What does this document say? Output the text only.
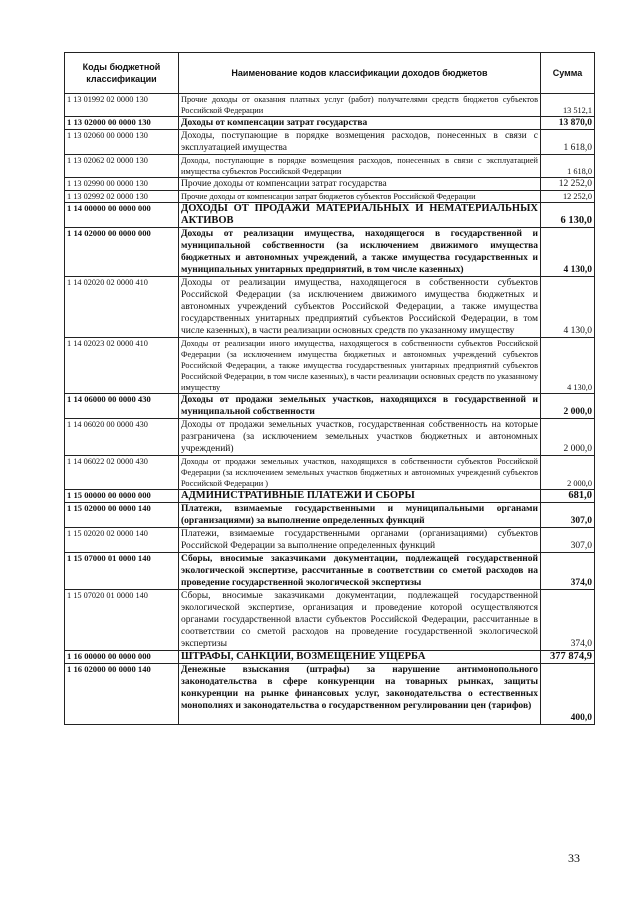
Коды бюджетной классификации	Наименование кодов классификации доходов бюджетов	Сумма
1 13 01992 02 0000 130	Прочие доходы от оказания платных услуг (работ) получателями средств бюджетов субъектов Российской Федерации	13 512,1
1 13 02000 00 0000 130	Доходы от компенсации затрат государства	13 870,0
1 13 02060 00 0000 130	Доходы, поступающие в порядке возмещения расходов, понесенных в связи с эксплуатацией имущества	1 618,0
1 13 02062 02 0000 130	Доходы, поступающие в порядке возмещения расходов, понесенных в связи с эксплуатацией имущества субъектов Российской Федерации	1 618,0
1 13 02990 00 0000 130	Прочие доходы от компенсации затрат государства	12 252,0
1 13 02992 02 0000 130	Прочие доходы от компенсации затрат бюджетов субъектов Российской Федерации	12 252,0
1 14 00000 00 0000 000	ДОХОДЫ ОТ ПРОДАЖИ МАТЕРИАЛЬНЫХ И НЕМАТЕРИАЛЬНЫХ АКТИВОВ	6 130,0
1 14 02000 00 0000 000	Доходы от реализации имущества, находящегося в государственной и муниципальной собственности (за исключением движимого имущества бюджетных и автономных учреждений, а также имущества государственных и муниципальных унитарных предприятий, в том числе казенных)	4 130,0
1 14 02020 02 0000 410	Доходы от реализации имущества, находящегося в собственности субъектов Российской Федерации (за исключением движимого имущества бюджетных и автономных учреждений субъектов Российской Федерации, а также имущества государственных унитарных предприятий субъектов Российской Федерации, в том числе казенных), в части реализации основных средств по указанному имуществу	4 130,0
1 14 02023 02 0000 410	Доходы от реализации иного имущества, находящегося в собственности субъектов Российской Федерации (за исключением имущества бюджетных и автономных учреждений субъектов Российской Федерации, а также имущества государственных унитарных предприятий субъектов Российской Федерации, в том числе казенных), в части реализации основных средств по указанному имуществу	4 130,0
1 14 06000 00 0000 430	Доходы от продажи земельных участков, находящихся в государственной и муниципальной собственности	2 000,0
1 14 06020 00 0000 430	Доходы от продажи земельных участков, государственная собственность на которые разграничена (за исключением земельных участков бюджетных и автономных учреждений)	2 000,0
1 14 06022 02 0000 430	Доходы от продажи земельных участков, находящихся в собственности субъектов Российской Федерации (за исключением земельных участков бюджетных и автономных учреждений субъектов Российской Федерации )	2 000,0
1 15 00000 00 0000 000	АДМИНИСТРАТИВНЫЕ ПЛАТЕЖИ И СБОРЫ	681,0
1 15 02000 00 0000 140	Платежи, взимаемые государственными и муниципальными органами (организациями) за выполнение определенных функций	307,0
1 15 02020 02 0000 140	Платежи, взимаемые государственными органами (организациями) субъектов Российской Федерации за выполнение определенных функций	307,0
1 15 07000 01 0000 140	Сборы, вносимые заказчиками документации, подлежащей государственной экологической экспертизе, рассчитанные в соответствии со сметой расходов на проведение государственной экологической экспертизы	374,0
1 15 07020 01 0000 140	Сборы, вносимые заказчиками документации, подлежащей государственной экологической экспертизе, организация и проведение которой осуществляются органами государственной власти субъектов Российской Федерации, рассчитанные в соответствии со сметой расходов на проведение государственной экологической экспертизы	374,0
1 16 00000 00 0000 000	ШТРАФЫ, САНКЦИИ, ВОЗМЕЩЕНИЕ УЩЕРБА	377 874,9
1 16 02000 00 0000 140	Денежные взыскания (штрафы) за нарушение антимонопольного законодательства в сфере конкуренции на товарных рынках, защиты конкуренции на рынке финансовых услуг, законодательства о естественных монополиях и законодательства о государственном регулировании цен (тарифов)	400,0
33
